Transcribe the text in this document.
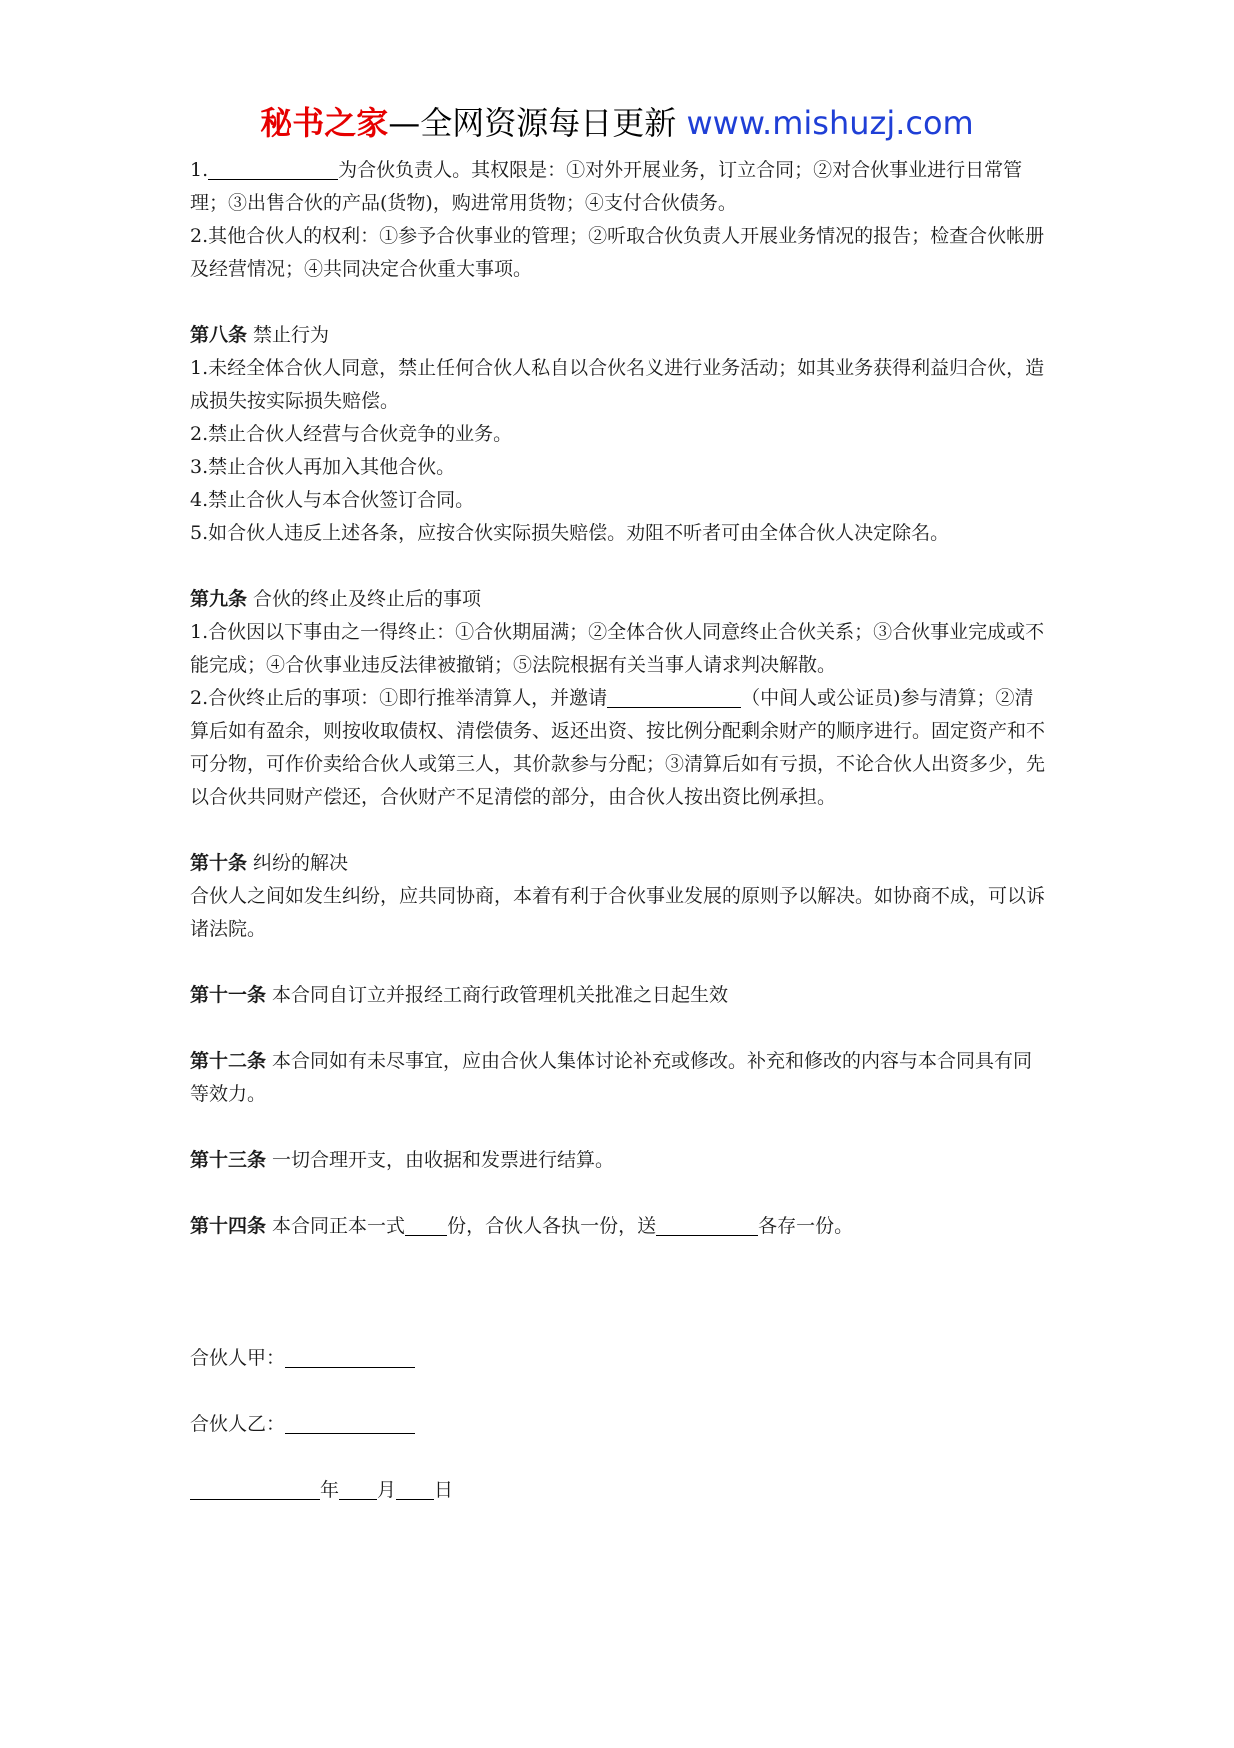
秘书之家—全网资源每日更新 www.mishuzj.com

1.	为合伙负责人。其权限是：①对外开展业务，订立合同；②对合伙事业进行日常管理；③出售合伙的产品(货物)，购进常用货物；④支付合伙债务。

2.其他合伙人的权利：①参予合伙事业的管理；②听取合伙负责人开展业务情况的报告；检查合伙帐册及经营情况；④共同决定合伙重大事项。

第八条 禁止行为

1.未经全体合伙人同意，禁止任何合伙人私自以合伙名义进行业务活动；如其业务获得利益归合伙，造成损失按实际损失赔偿。

2.禁止合伙人经营与合伙竞争的业务。

3.禁止合伙人再加入其他合伙。

4.禁止合伙人与本合伙签订合同。

5.如合伙人违反上述各条，应按合伙实际损失赔偿。劝阻不听者可由全体合伙人决定除名。

第九条 合伙的终止及终止后的事项

1.合伙因以下事由之一得终止：①合伙期届满；②全体合伙人同意终止合伙关系；③合伙事业完成或不能完成；④合伙事业违反法律被撤销；⑤法院根据有关当事人请求判决解散。

2.合伙终止后的事项：①即行推举清算人，并邀请	（中间人或公证员)参与清算；②清算后如有盈余，则按收取债权、清偿债务、返还出资、按比例分配剩余财产的顺序进行。固定资产和不可分物，可作价卖给合伙人或第三人，其价款参与分配；③清算后如有亏损，不论合伙人出资多少，先以合伙共同财产偿还，合伙财产不足清偿的部分，由合伙人按出资比例承担。

第十条 纠纷的解决

合伙人之间如发生纠纷，应共同协商，本着有利于合伙事业发展的原则予以解决。如协商不成，可以诉诸法院。

第十一条 本合同自订立并报经工商行政管理机关批准之日起生效

第十二条 本合同如有未尽事宜，应由合伙人集体讨论补充或修改。补充和修改的内容与本合同具有同等效力。

第十三条 一切合理开支，由收据和发票进行结算。

第十四条 本合同正本一式 份，合伙人各执一份，送	各存一份。

合伙人甲：

合伙人乙：

年 月 日
